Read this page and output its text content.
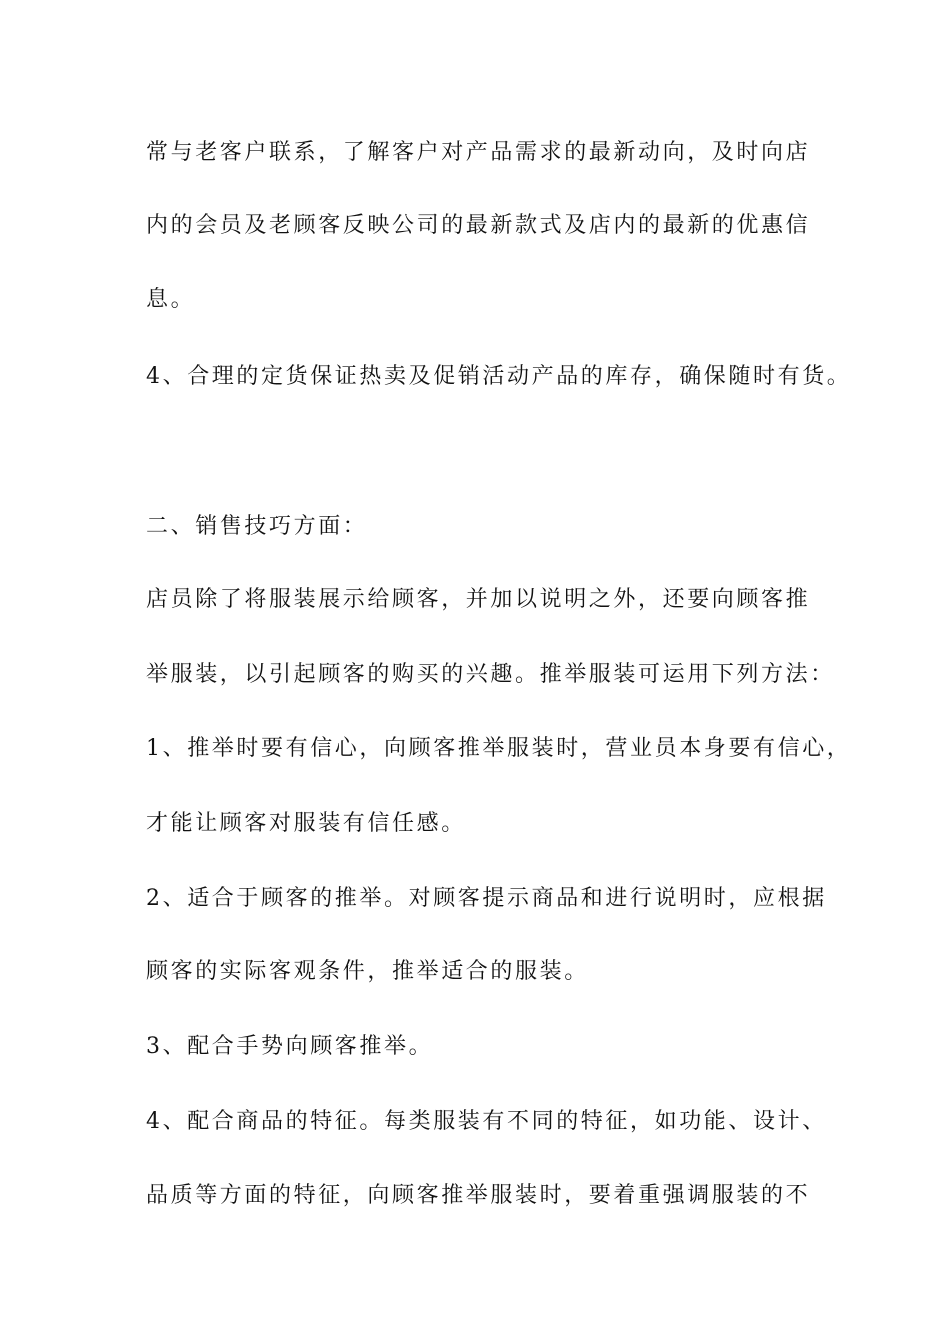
常与老客户联系，了解客户对产品需求的最新动向，及时向店
内的会员及老顾客反映公司的最新款式及店内的最新的优惠信
息。
4、合理的定货保证热卖及促销活动产品的库存，确保随时有货。
二、销售技巧方面：
店员除了将服装展示给顾客，并加以说明之外，还要向顾客推
举服装，以引起顾客的购买的兴趣。推举服装可运用下列方法：
1、推举时要有信心，向顾客推举服装时，营业员本身要有信心，
才能让顾客对服装有信任感。
2、适合于顾客的推举。对顾客提示商品和进行说明时，应根据
顾客的实际客观条件，推举适合的服装。
3、配合手势向顾客推举。
4、配合商品的特征。每类服装有不同的特征，如功能、设计、
品质等方面的特征，向顾客推举服装时，要着重强调服装的不
